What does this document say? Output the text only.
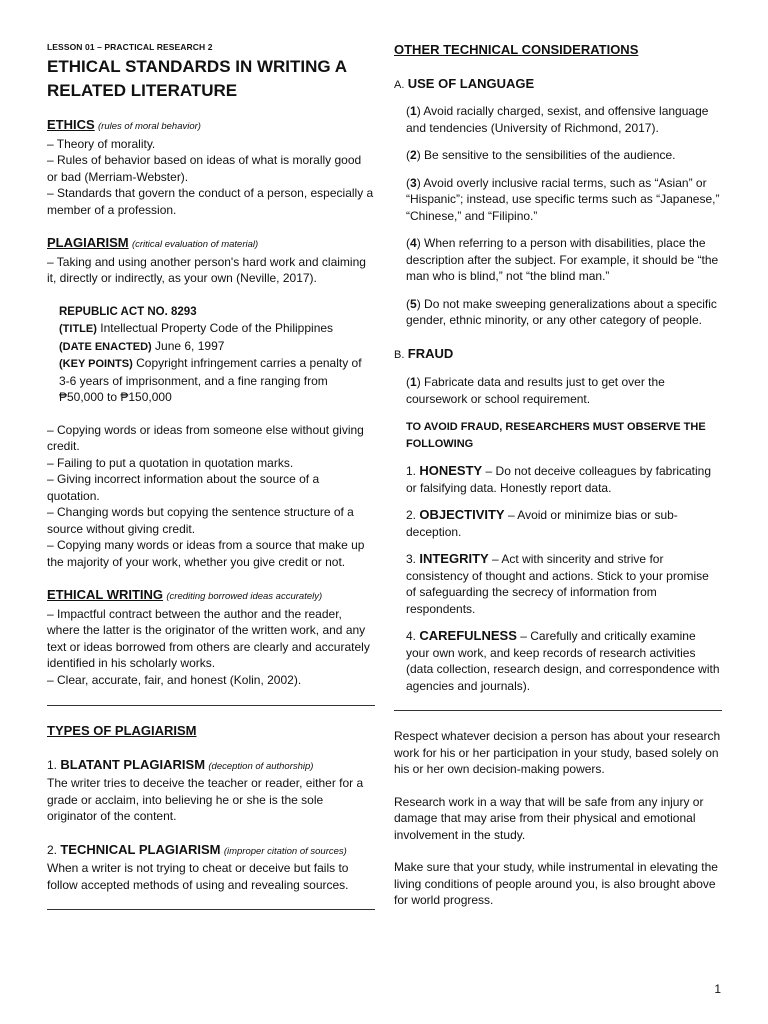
LESSON 01 – PRACTICAL RESEARCH 2

ETHICAL STANDARDS IN WRITING A
RELATED LITERATURE

ETHICS (rules of moral behavior)

– Theory of morality.

– Rules of behavior based on ideas of what is morally good or bad (Merriam-Webster).

– Standards that govern the conduct of a person, especially a member of a profession.

PLAGIARISM (critical evaluation of material)

– Taking and using another person's hard work and claiming it, directly or indirectly, as your own (Neville, 2017).

REPUBLIC ACT NO. 8293

(TITLE) Intellectual Property Code of the Philippines

(DATE ENACTED) June 6, 1997

(KEY POINTS) Copyright infringement carries a penalty of 3-6 years of imprisonment, and a fine ranging from ₱50,000 to ₱150,000

– Copying words or ideas from someone else without giving credit.

– Failing to put a quotation in quotation marks.

– Giving incorrect information about the source of a quotation.

– Changing words but copying the sentence structure of a source without giving credit.

– Copying many words or ideas from a source that make up the majority of your work, whether you give credit or not.

ETHICAL WRITING (crediting borrowed ideas accurately)

– Impactful contract between the author and the reader, where the latter is the originator of the written work, and any text or ideas borrowed from others are clearly and accurately identified in his scholarly works.

– Clear, accurate, fair, and honest (Kolin, 2002).

TYPES OF PLAGIARISM

1. BLATANT PLAGIARISM (deception of authorship)

The writer tries to deceive the teacher or reader, either for a grade or acclaim, into believing he or she is the sole originator of the content.

2. TECHNICAL PLAGIARISM (improper citation of sources)

When a writer is not trying to cheat or deceive but fails to follow accepted methods of using and revealing sources.

OTHER TECHNICAL CONSIDERATIONS

A. USE OF LANGUAGE

(1) Avoid racially charged, sexist, and offensive language and tendencies (University of Richmond, 2017).

(2) Be sensitive to the sensibilities of the audience.

(3) Avoid overly inclusive racial terms, such as “Asian” or “Hispanic”; instead, use specific terms such as “Japanese,” “Chinese,” and “Filipino.”

(4) When referring to a person with disabilities, place the description after the subject. For example, it should be “the man who is blind,” not “the blind man.”

(5) Do not make sweeping generalizations about a specific gender, ethnic minority, or any other category of people.

B. FRAUD

(1) Fabricate data and results just to get over the coursework or school requirement.

TO AVOID FRAUD, RESEARCHERS MUST OBSERVE THE FOLLOWING

1. HONESTY – Do not deceive colleagues by fabricating or falsifying data. Honestly report data.

2. OBJECTIVITY – Avoid or minimize bias or sub-deception.

3. INTEGRITY – Act with sincerity and strive for consistency of thought and actions. Stick to your promise of safeguarding the secrecy of information from respondents.

4. CAREFULNESS – Carefully and critically examine your own work, and keep records of research activities (data collection, research design, and correspondence with agencies and journals).

Respect whatever decision a person has about your research work for his or her participation in your study, based solely on his or her own decision-making powers.

Research work in a way that will be safe from any injury or damage that may arise from their physical and emotional involvement in the study.

Make sure that your study, while instrumental in elevating the living conditions of people around you, is also brought above for world progress.

1
